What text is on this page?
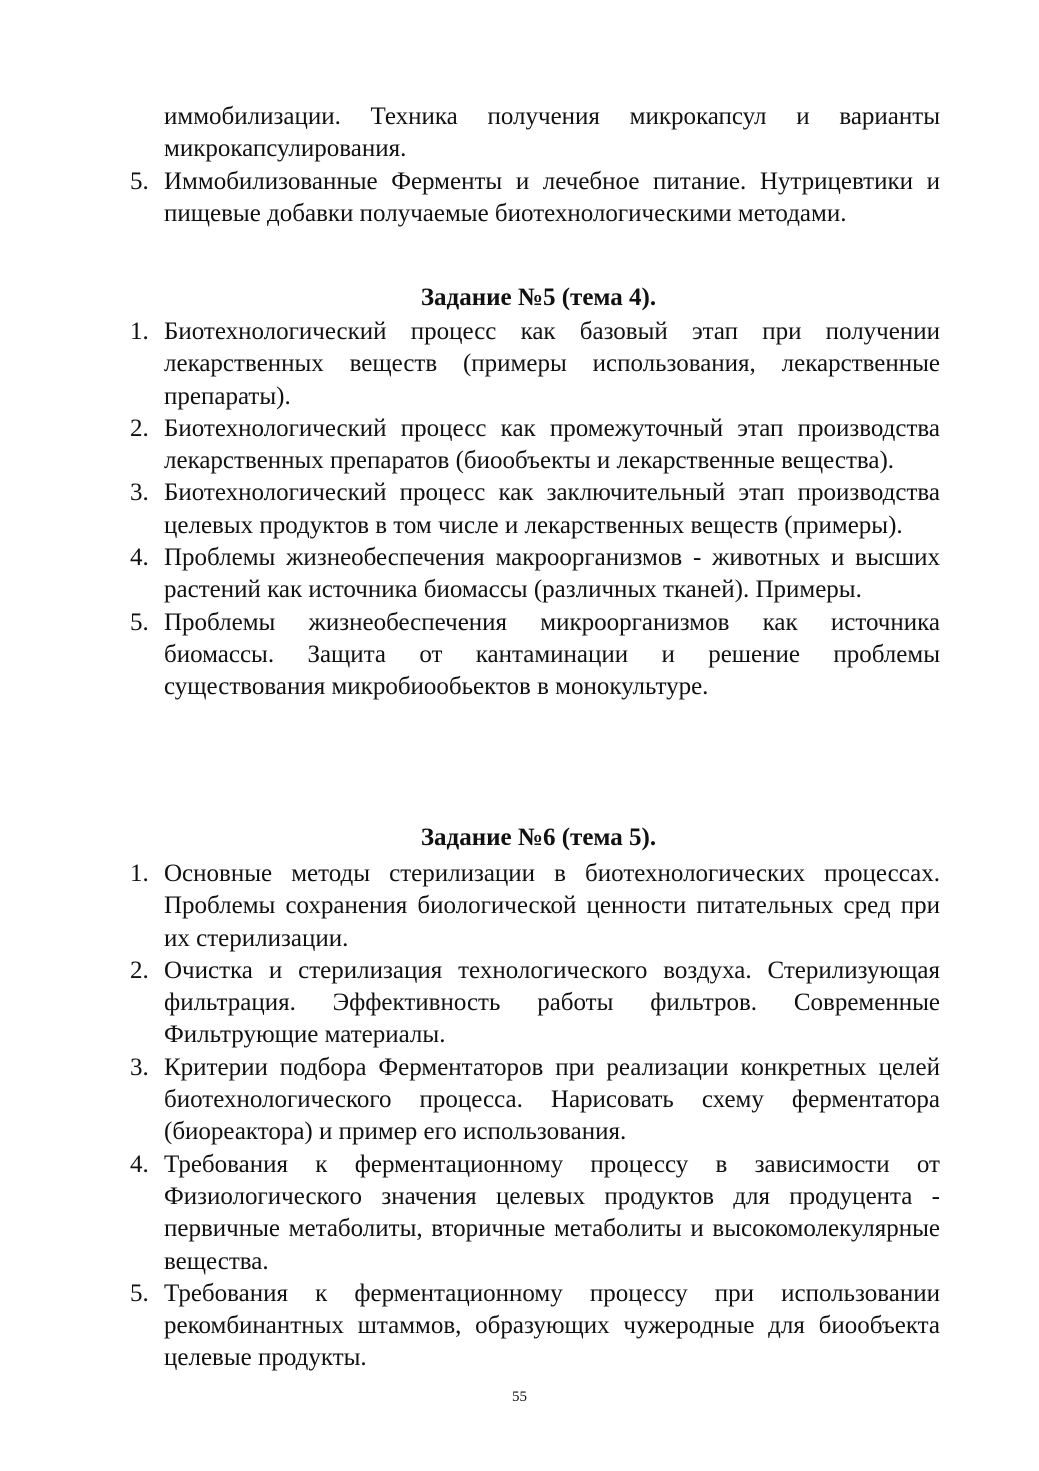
иммобилизации. Техника получения микрокапсул и варианты микрокапсулирования.
5. Иммобилизованные Ферменты и лечебное питание. Нутрицевтики и пищевые добавки получаемые биотехнологическими методами.
Задание №5 (тема 4).
1. Биотехнологический процесс как базовый этап при получении лекарственных веществ (примеры использования, лекарственные препараты).
2. Биотехнологический процесс как промежуточный этап производства лекарственных препаратов (биообъекты и лекарственные вещества).
3. Биотехнологический процесс как заключительный этап производства целевых продуктов в том числе и лекарственных веществ (примеры).
4. Проблемы жизнеобеспечения макроорганизмов - животных и высших растений как источника биомассы (различных тканей). Примеры.
5. Проблемы жизнеобеспечения микроорганизмов как источника биомассы. Защита от кантаминации и решение проблемы существования микробиообьектов в монокультуре.
Задание №6 (тема 5).
1. Основные методы стерилизации в биотехнологических процессах. Проблемы сохранения биологической ценности питательных сред при их стерилизации.
2. Очистка и стерилизация технологического воздуха. Стерилизующая фильтрация. Эффективность работы фильтров. Современные Фильтрующие материалы.
3. Критерии подбора Ферментаторов при реализации конкретных целей биотехнологического процесса. Нарисовать схему ферментатора (биореактора) и пример его использования.
4. Требования к ферментационному процессу в зависимости от Физиологического значения целевых продуктов для продуцента - первичные метаболиты, вторичные метаболиты и высокомолекулярные вещества.
5. Требования к ферментационному процессу при использовании рекомбинантных штаммов, образующих чужеродные для биообъекта целевые продукты.
55
